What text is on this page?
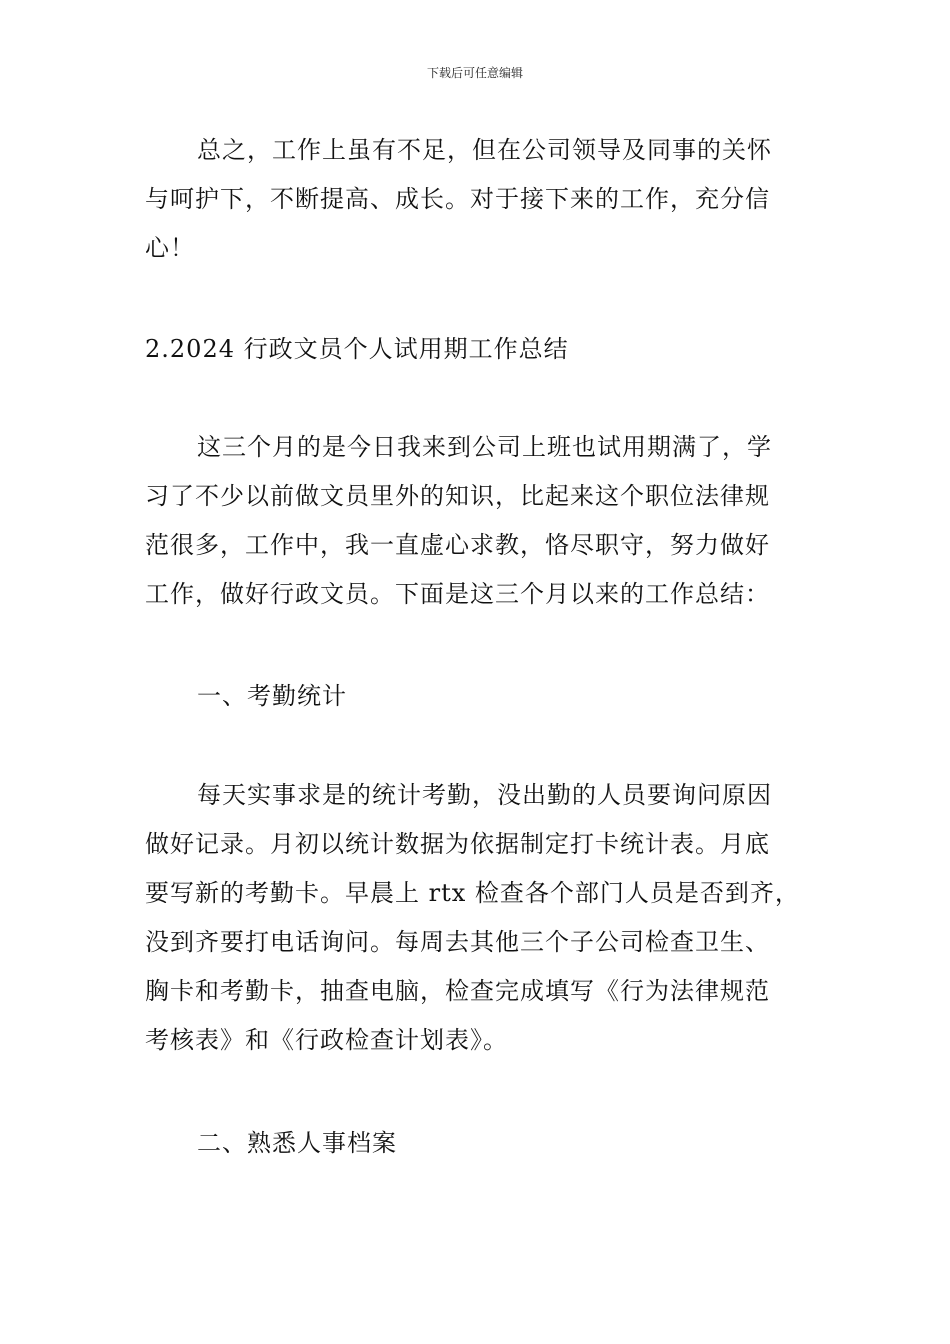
下载后可任意编辑
总之，工作上虽有不足，但在公司领导及同事的关怀
与呵护下，不断提高、成长。对于接下来的工作，充分信
心！
2.2024 行政文员个人试用期工作总结
这三个月的是今日我来到公司上班也试用期满了，学
习了不少以前做文员里外的知识，比起来这个职位法律规
范很多，工作中，我一直虚心求教，恪尽职守，努力做好
工作，做好行政文员。下面是这三个月以来的工作总结：
一、考勤统计
每天实事求是的统计考勤，没出勤的人员要询问原因
做好记录。月初以统计数据为依据制定打卡统计表。月底
要写新的考勤卡。早晨上 rtx 检查各个部门人员是否到齐，
没到齐要打电话询问。每周去其他三个子公司检查卫生、
胸卡和考勤卡，抽查电脑，检查完成填写《行为法律规范
考核表》和《行政检查计划表》。
二、熟悉人事档案
